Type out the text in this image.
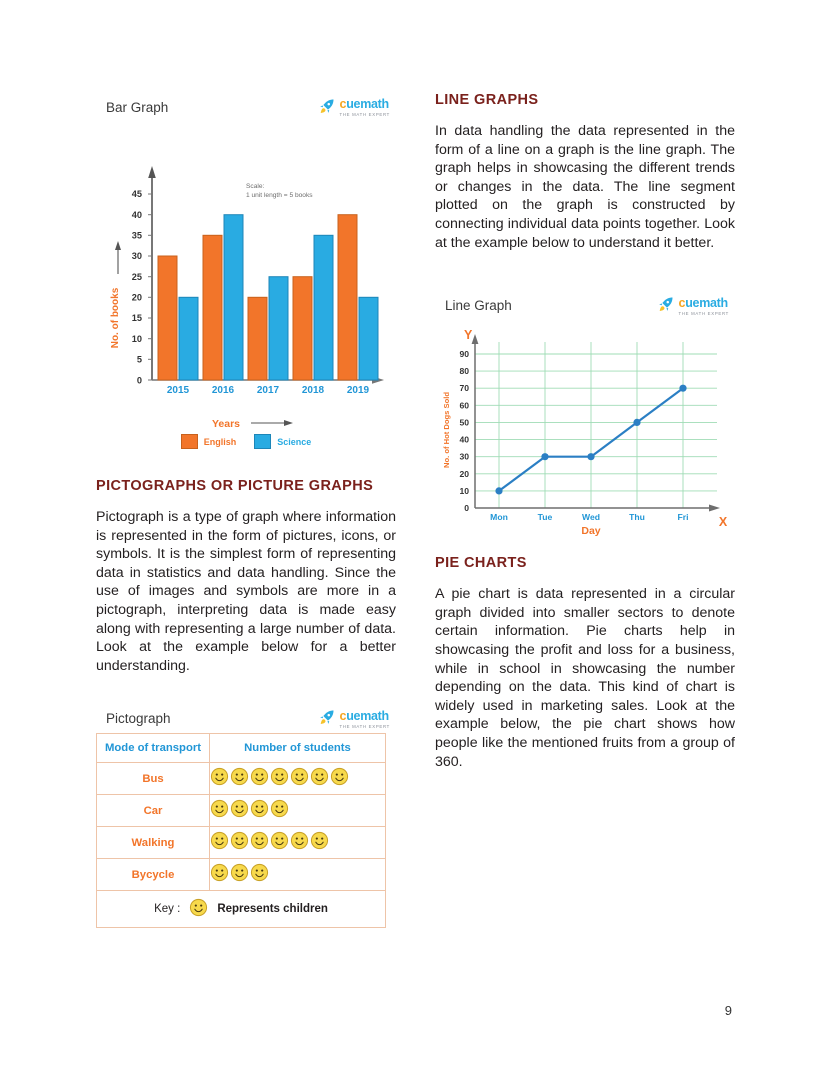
Bar Graph	cuemath
THE MATH EXPERT
0
5
10
15
20
25
30
35
40
45
No. of books
2015 2016 2017 2018 2019
Scale:
1 unit length = 5 books
Years
English	Science
PICTOGRAPHS OR PICTURE GRAPHS

Pictograph is a type of graph where information is represented in the form of pictures, icons, or symbols. It is the simplest form of representing data in statistics and data handling. Since the use of images and symbols are more in a pictograph, interpreting data is made easy along with representing a large number of data. Look at the example below for a better understanding.

Pictograph	cuemath
THE MATH EXPERT
Mode of transport	Number of students
Bus	

Car	

Walking	

Bycycle	

Key : Represents children	
LINE GRAPHS

In data handling the data represented in the form of a line on a graph is the line graph. The graph helps in showcasing the different trends or changes in the data. The line segment plotted on the graph is constructed by connecting individual data points together. Look at the example below to understand it better.

Line Graph	cuemath
THE MATH EXPERT
Y
X
0
10
20
30
40
50
60
70
80
90
No. of Hot Dogs Sold
Mon	Tue	Wed	Thu	Fri
Day
PIE CHARTS

A pie chart is data represented in a circular graph divided into smaller sectors to denote certain information. Pie charts help in showcasing the profit and loss for a business, while in school in showcasing the number depending on the data. This kind of chart is widely used in marketing sales. Look at the example below, the pie chart shows how people like the mentioned fruits from a group of 360.

9
